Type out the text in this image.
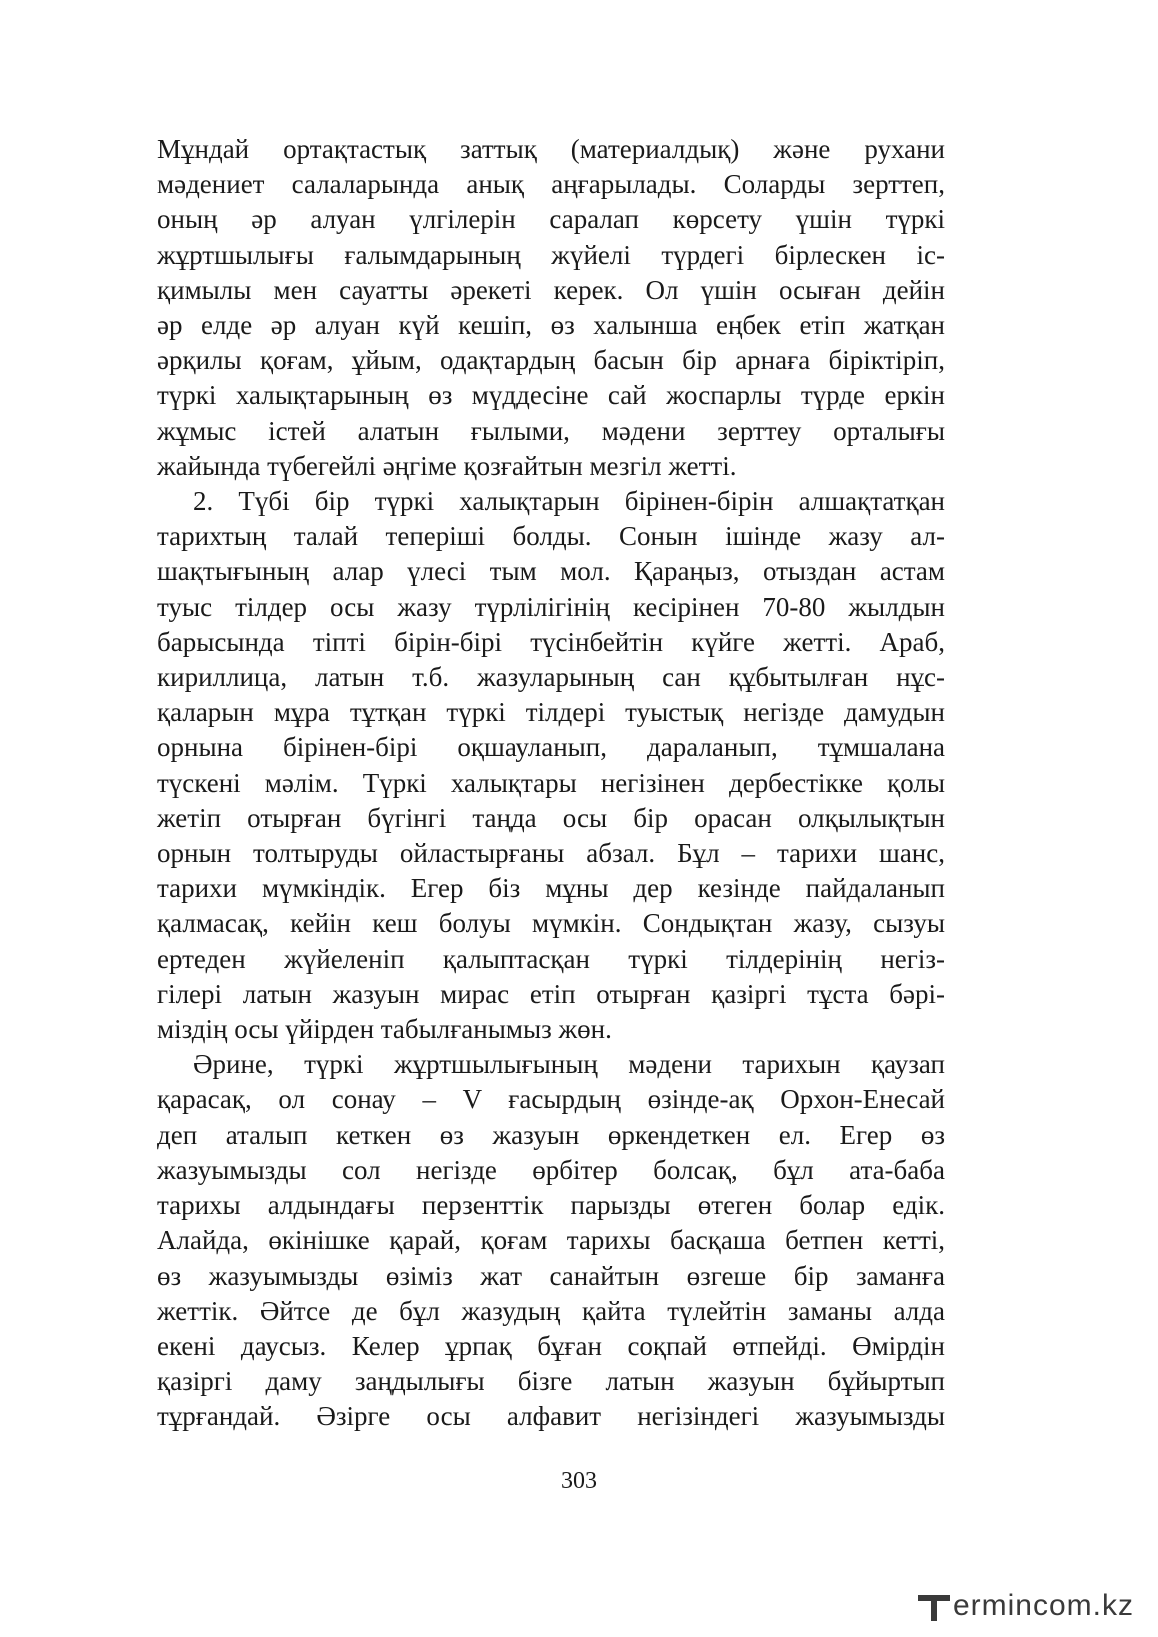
Мұндай ортақтастық заттық (материалдық) және рухани
мәдениет салаларында анық аңғарылады. Соларды зерттеп,
оның әр алуан үлгілерін саралап көрсету үшін түркі
жұртшылығы ғалымдарының жүйелі түрдегі бірлескен іс-
қимылы мен сауатты әрекеті керек. Ол үшін осыған дейін
әр елде әр алуан күй кешіп, өз халынша еңбек етіп жатқан
әрқилы қоғам, ұйым, одақтардың басын бір арнаға біріктіріп,
түркі халықтарының өз мүддесіне сай жоспарлы түрде еркін
жұмыс істей алатын ғылыми, мәдени зерттеу орталығы
жайында түбегейлі әңгіме қозғайтын мезгіл жетті.
2. Түбі бір түркі халықтарын бірінен-бірін алшақтатқан
тарихтың талай тепеpіші болды. Сонын ішінде жазу ал-
шақтығының алар үлесі тым мол. Қараңыз, отыздан астам
туыс тілдер осы жазу түрлілігінің кесірінен 70-80 жылдын
барысында тіпті бірін-бірі түсінбейтін күйге жетті. Араб,
кириллица, латын т.б. жазуларының сан құбытылған нұс-
қаларын мұра тұтқан түркі тілдері туыстық негізде дамудын
орнына бірінен-бірі оқшауланып, дараланып, тұмшалана
түскені мәлім. Түркі халықтары негізінен дербестікке қолы
жетіп отырған бүгінгі таңда осы бір орасан олқылықтын
орнын толтыруды ойластырғаны абзал. Бұл – тарихи шанс,
тарихи мүмкіндік. Егер біз мұны дер кезінде пайдаланып
қалмасақ, кейін кеш болуы мүмкін. Сондықтан жазу, сызуы
ертеден жүйеленіп қалыптасқан түркі тілдерінің негіз-
гілері латын жазуын мирас етіп отырған қазіргі тұста бәрі-
міздің осы үйірден табылғанымыз жөн.
Әрине, түркі жұртшылығының мәдени тарихын қаузап
қарасақ, ол сонау – V ғасырдың өзінде-ақ Орхон-Енесай
деп аталып кеткен өз жазуын өркендеткен ел. Егер өз
жазуымызды сол негізде өрбітер болсақ, бұл ата-баба
тарихы алдындағы перзенттік парызды өтеген болар едік.
Алайда, өкінішке қарай, қоғам тарихы басқаша бетпен кетті,
өз жазуымызды өзіміз жат санайтын өзгеше бір заманға
жеттік. Әйтсе де бұл жазудың қайта түлейтін заманы алда
екені даусыз. Келер ұрпақ бұған соқпай өтпейді. Өмірдін
қазіргі даму заңдылығы бізге латын жазуын бұйыртып
тұрғандай. Әзірге осы алфавит негізіндегі жазуымызды
303
ermincom.kz
